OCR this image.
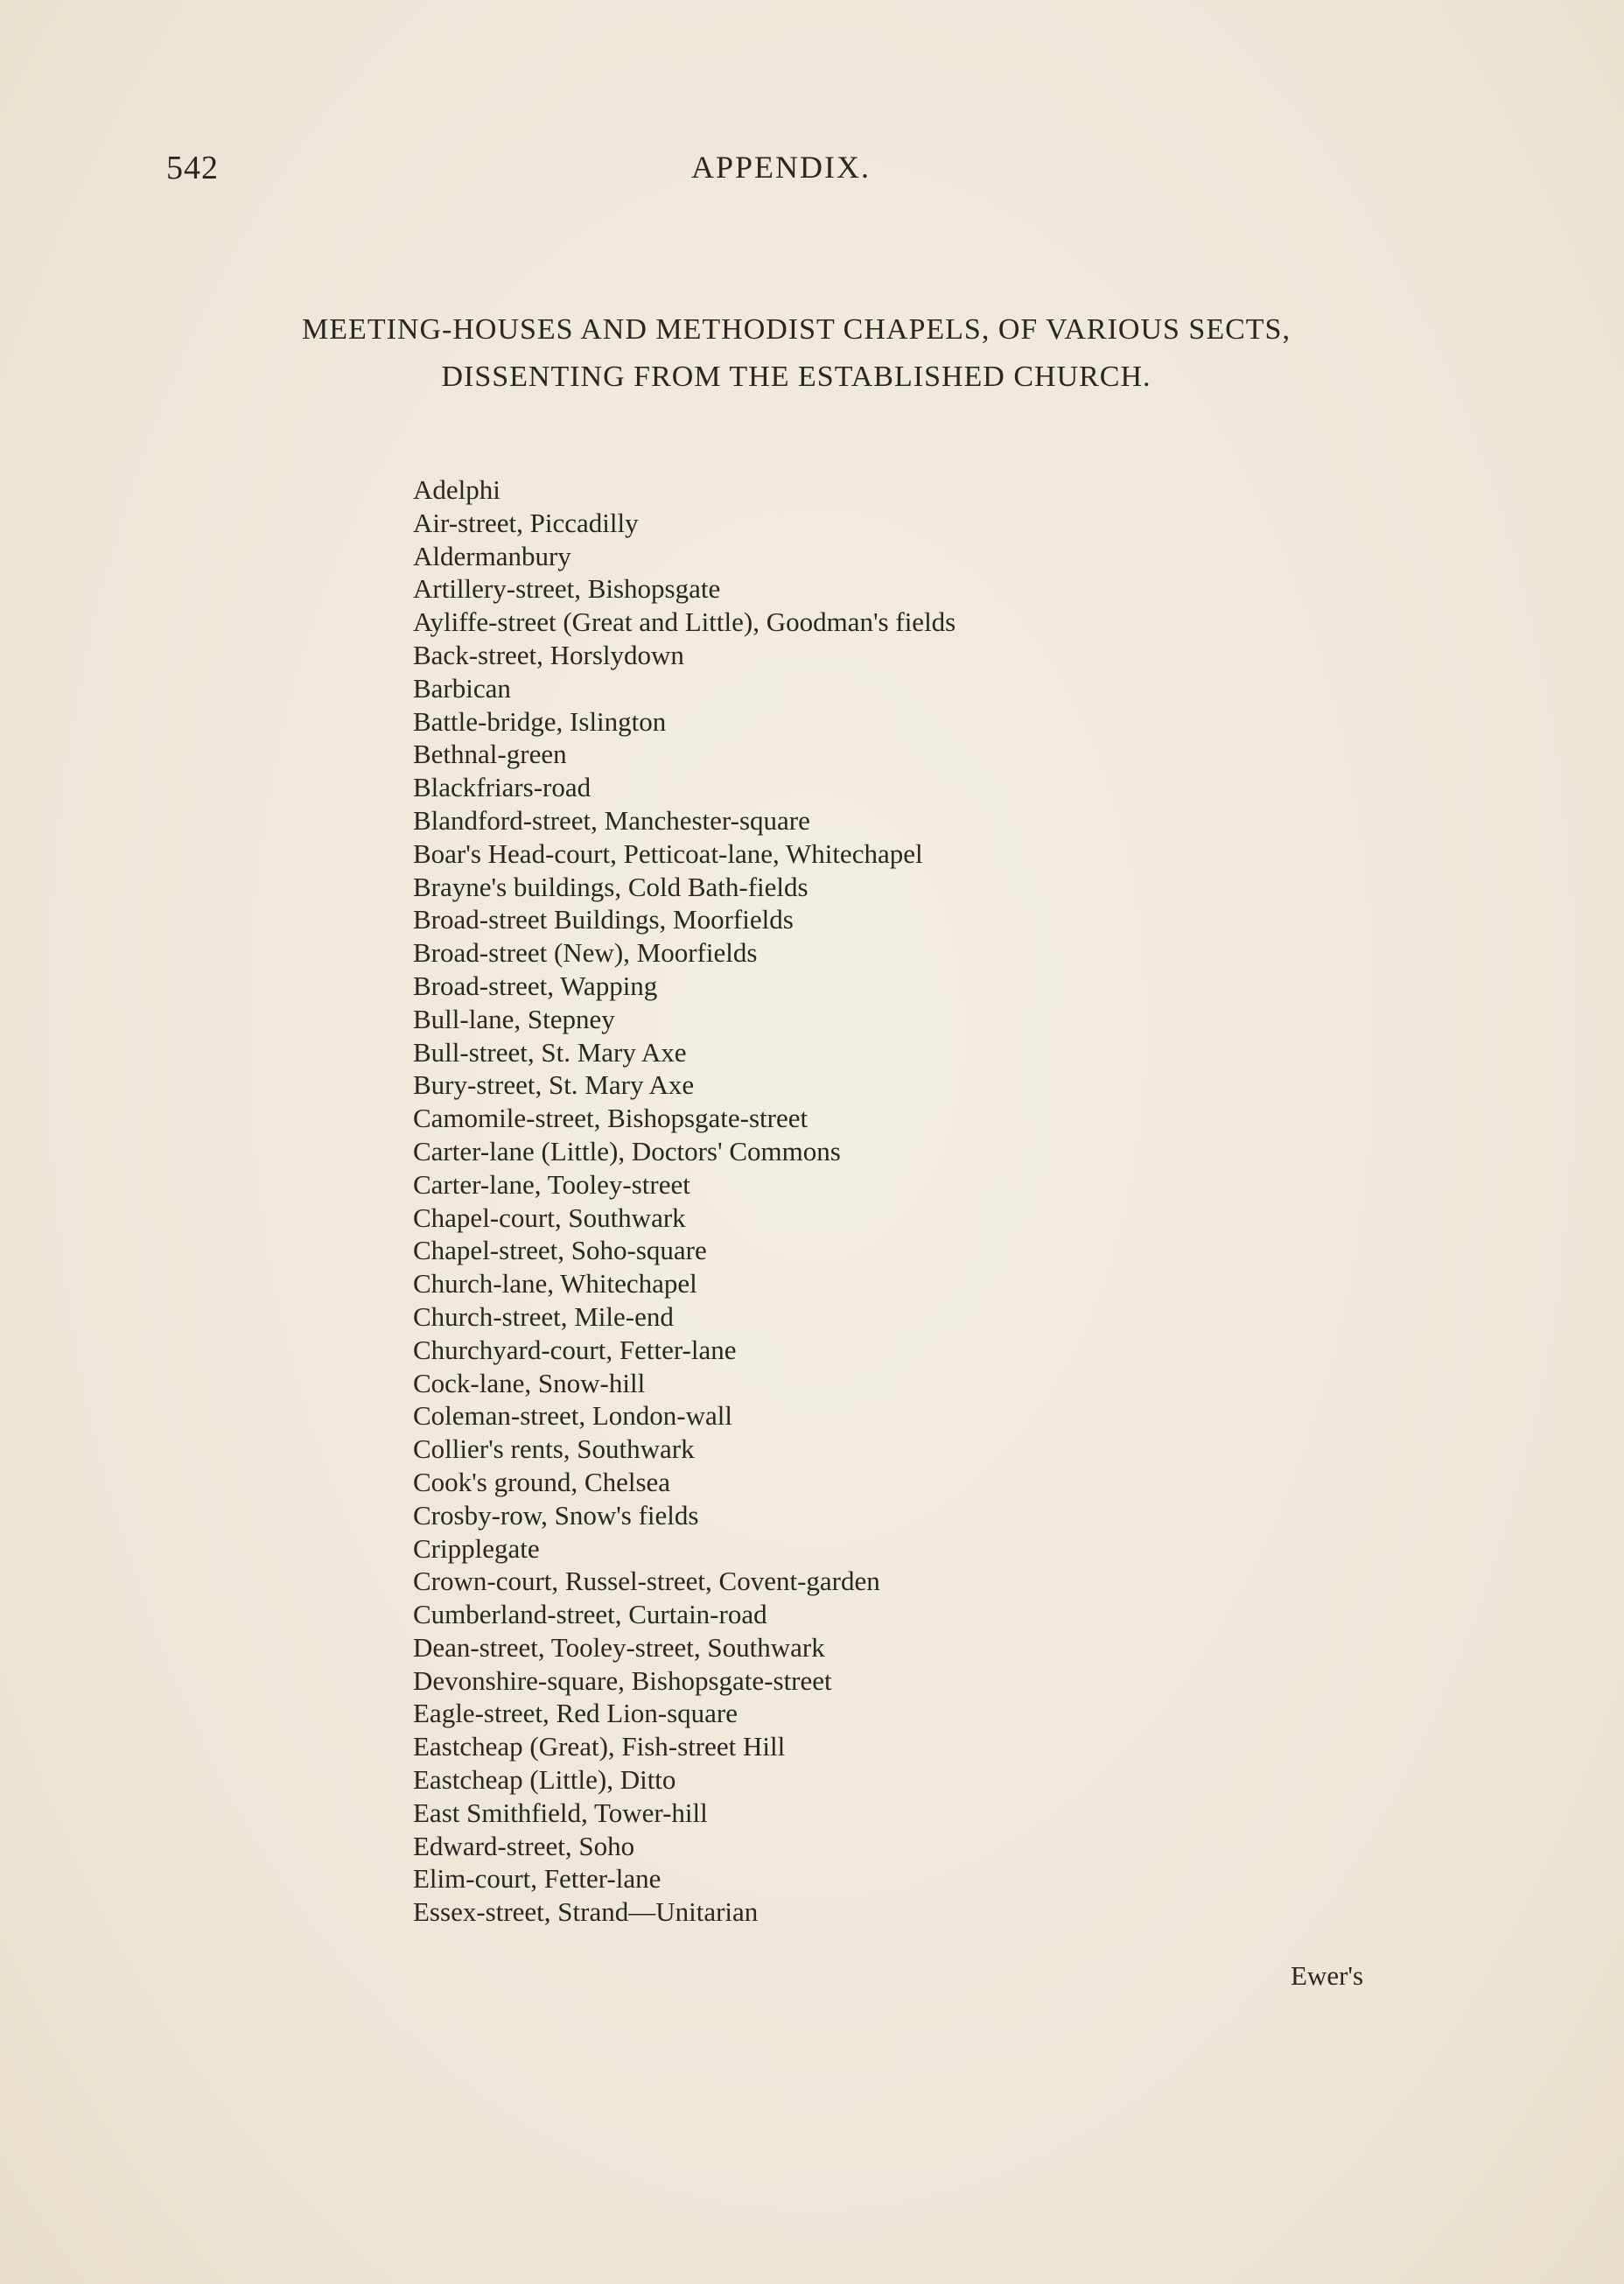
542	APPENDIX.
MEETING-HOUSES AND METHODIST CHAPELS, OF VARIOUS SECTS,
DISSENTING FROM THE ESTABLISHED CHURCH.
Adelphi
Air-street, Piccadilly
Aldermanbury
Artillery-street, Bishopsgate
Ayliffe-street (Great and Little), Goodman's fields
Back-street, Horslydown
Barbican
Battle-bridge, Islington
Bethnal-green
Blackfriars-road
Blandford-street, Manchester-square
Boar's Head-court, Petticoat-lane, Whitechapel
Brayne's buildings, Cold Bath-fields
Broad-street Buildings, Moorfields
Broad-street (New), Moorfields
Broad-street, Wapping
Bull-lane, Stepney
Bull-street, St. Mary Axe
Bury-street, St. Mary Axe
Camomile-street, Bishopsgate-street
Carter-lane (Little), Doctors' Commons
Carter-lane, Tooley-street
Chapel-court, Southwark
Chapel-street, Soho-square
Church-lane, Whitechapel
Church-street, Mile-end
Churchyard-court, Fetter-lane
Cock-lane, Snow-hill
Coleman-street, London-wall
Collier's rents, Southwark
Cook's ground, Chelsea
Crosby-row, Snow's fields
Cripplegate
Crown-court, Russel-street, Covent-garden
Cumberland-street, Curtain-road
Dean-street, Tooley-street, Southwark
Devonshire-square, Bishopsgate-street
Eagle-street, Red Lion-square
Eastcheap (Great), Fish-street Hill
Eastcheap (Little), Ditto
East Smithfield, Tower-hill
Edward-street, Soho
Elim-court, Fetter-lane
Essex-street, Strand—Unitarian
Ewer's
